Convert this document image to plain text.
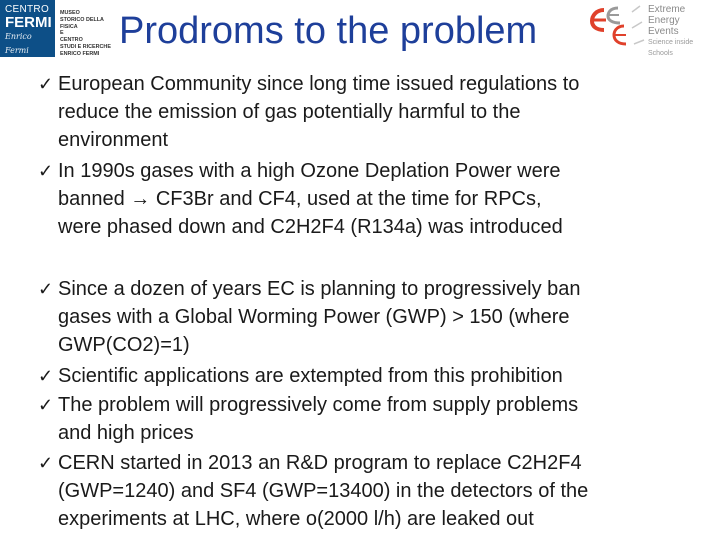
CENTRO
FERMI
Enrico Fermi
MUSEO
STORICO DELLA FISICA
E
CENTRO
STUDI E RICERCHE
ENRICO FERMI
Prodroms to the problem
Extreme
Energy
Events
Science inside Schools
✓ European Community since long time issued regulations to
reduce the emission of gas potentially harmful to the
environment
✓ In 1990s gases with a high Ozone Deplation Power were
banned → CF3Br and CF4, used at the time for RPCs,
were phased down and C2H2F4 (R134a) was introduced
✓ Since a dozen of years EC is planning to progressively ban
gases with a Global Worming Power (GWP) > 150 (where
GWP(CO2)=1)
✓ Scientific applications are extempted from this prohibition
✓ The problem will progressively come from supply problems
and high prices
✓ CERN started in 2013 an R&D program to replace C2H2F4
(GWP=1240) and SF4 (GWP=13400) in the detectors of the
experiments at LHC, where o(2000 l/h) are leaked out
